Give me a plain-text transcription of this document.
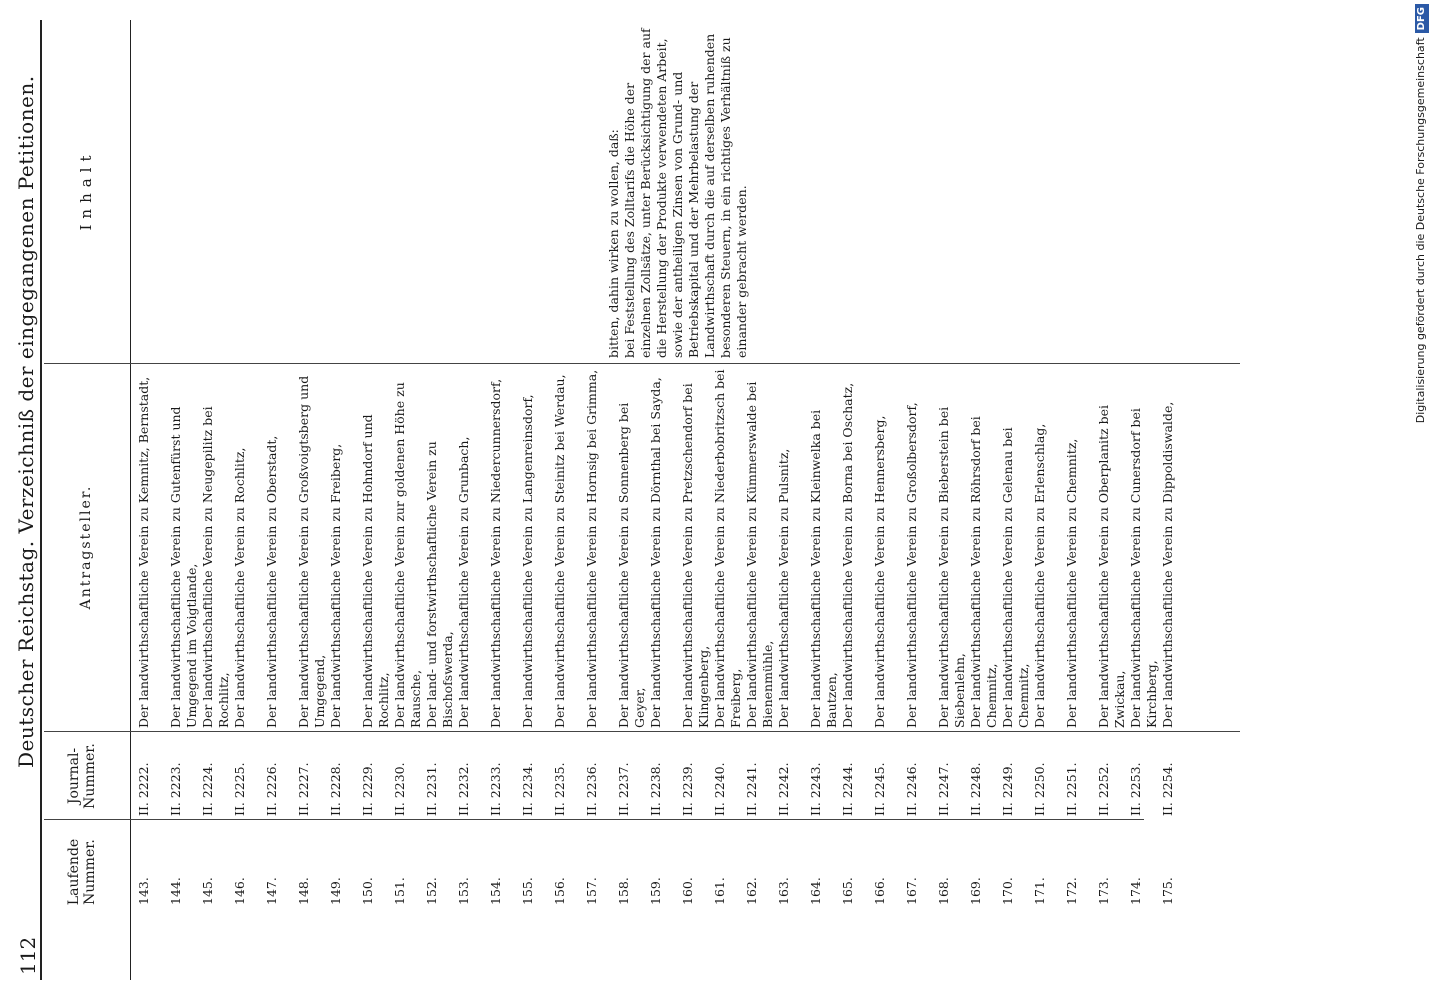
112
Deutscher Reichstag. Verzeichniß der eingegangenen Petitionen.
Laufende Nummer.
Journal-Nummer.
Antragsteller.
Inhalt
143.
II. 2222.
Der landwirthschaftliche Verein zu Kemnitz, Bernstadt,
144.
II. 2223.
Der landwirthschaftliche Verein zu Gutenfürst und Umgegend im Voigtlande,
145.
II. 2224.
Der landwirthschaftliche Verein zu Neugepilitz bei Rochlitz,
146.
II. 2225.
Der landwirthschaftliche Verein zu Rochlitz,
147.
II. 2226.
Der landwirthschaftliche Verein zu Oberstadt,
148.
II. 2227.
Der landwirthschaftliche Verein zu Großvoigtsberg und Umgegend,
149.
II. 2228.
Der landwirthschaftliche Verein zu Freiberg,
150.
II. 2229.
Der landwirthschaftliche Verein zu Hohndorf und Rochlitz,
151.
II. 2230.
Der landwirthschaftliche Verein zur goldenen Höhe zu Rausche,
152.
II. 2231.
Der land- und forstwirthschaftliche Verein zu Bischofswerda,
153.
II. 2232.
Der landwirthschaftliche Verein zu Grunbach,
154.
II. 2233.
Der landwirthschaftliche Verein zu Niedercunnersdorf,
155.
II. 2234.
Der landwirthschaftliche Verein zu Langenreinsdorf,
156.
II. 2235.
Der landwirthschaftliche Verein zu Steinitz bei Werdau,
157.
II. 2236.
Der landwirthschaftliche Verein zu Hornsig bei Grimma,
158.
II. 2237.
Der landwirthschaftliche Verein zu Sonnenberg bei Geyer,
159.
II. 2238.
Der landwirthschaftliche Verein zu Dörnthal bei Sayda,
160.
II. 2239.
Der landwirthschaftliche Verein zu Pretzschendorf bei Klingenberg,
161.
II. 2240.
Der landwirthschaftliche Verein zu Niederbobritzsch bei Freiberg,
162.
II. 2241.
Der landwirthschaftliche Verein zu Kümmerswalde bei Bienenmühle,
163.
II. 2242.
Der landwirthschaftliche Verein zu Pulsnitz,
164.
II. 2243.
Der landwirthschaftliche Verein zu Kleinwelka bei Bautzen,
165.
II. 2244.
Der landwirthschaftliche Verein zu Borna bei Oschatz,
166.
II. 2245.
Der landwirthschaftliche Verein zu Hennersberg,
167.
II. 2246.
Der landwirthschaftliche Verein zu Großolbersdorf,
168.
II. 2247.
Der landwirthschaftliche Verein zu Bieberstein bei Siebenlehn,
169.
II. 2248.
Der landwirthschaftliche Verein zu Röhrsdorf bei Chemnitz,
170.
II. 2249.
Der landwirthschaftliche Verein zu Gelenau bei Chemnitz,
171.
II. 2250.
Der landwirthschaftliche Verein zu Erlenschlag,
172.
II. 2251.
Der landwirthschaftliche Verein zu Chemnitz,
173.
II. 2252.
Der landwirthschaftliche Verein zu Oberplanitz bei Zwickau,
174.
II. 2253.
Der landwirthschaftliche Verein zu Cunersdorf bei Kirchberg,
175.
II. 2254.
Der landwirthschaftliche Verein zu Dippoldiswalde,
bitten, dahin wirken zu wollen, daß: bei Feststellung des Zolltarifs die Höhe der einzelnen Zollsätze, unter Berücksichtigung der auf die Herstellung der Produkte verwendeten Arbeit, sowie der antheiligen Zinsen von Grund- und Betriebskapital und der Mehrbelastung der Landwirthschaft durch die auf derselben ruhenden besonderen Steuern, in ein richtiges Verhältniß zu einander gebracht werden.	Digitalisierung gefördert durch die Deutsche ForschungsgemeinschaftDFG
